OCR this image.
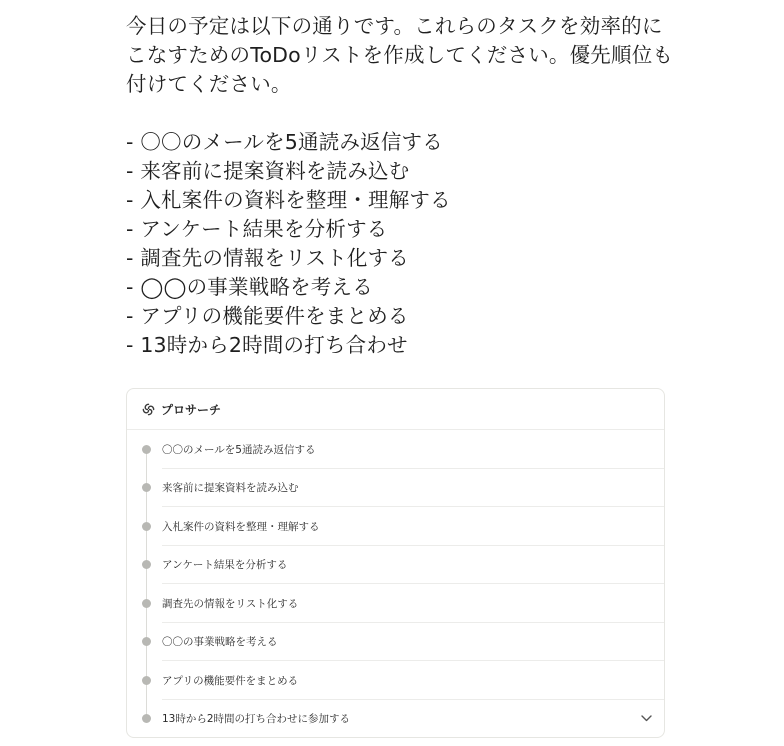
今日の予定は以下の通りです。これらのタスクを効率的に
こなすためのToDoリストを作成してください。優先順位も
付けてください。
- 〇〇のメールを5通読み返信する
- 来客前に提案資料を読み込む
- 入札案件の資料を整理・理解する
- アンケート結果を分析する
- 調査先の情報をリスト化する
- ◯◯の事業戦略を考える
- アプリの機能要件をまとめる
- 13時から2時間の打ち合わせ
プロサーチ
〇〇のメールを5通読み返信する
来客前に提案資料を読み込む
入札案件の資料を整理・理解する
アンケート結果を分析する
調査先の情報をリスト化する
〇〇の事業戦略を考える
アプリの機能要件をまとめる
13時から2時間の打ち合わせに参加する
